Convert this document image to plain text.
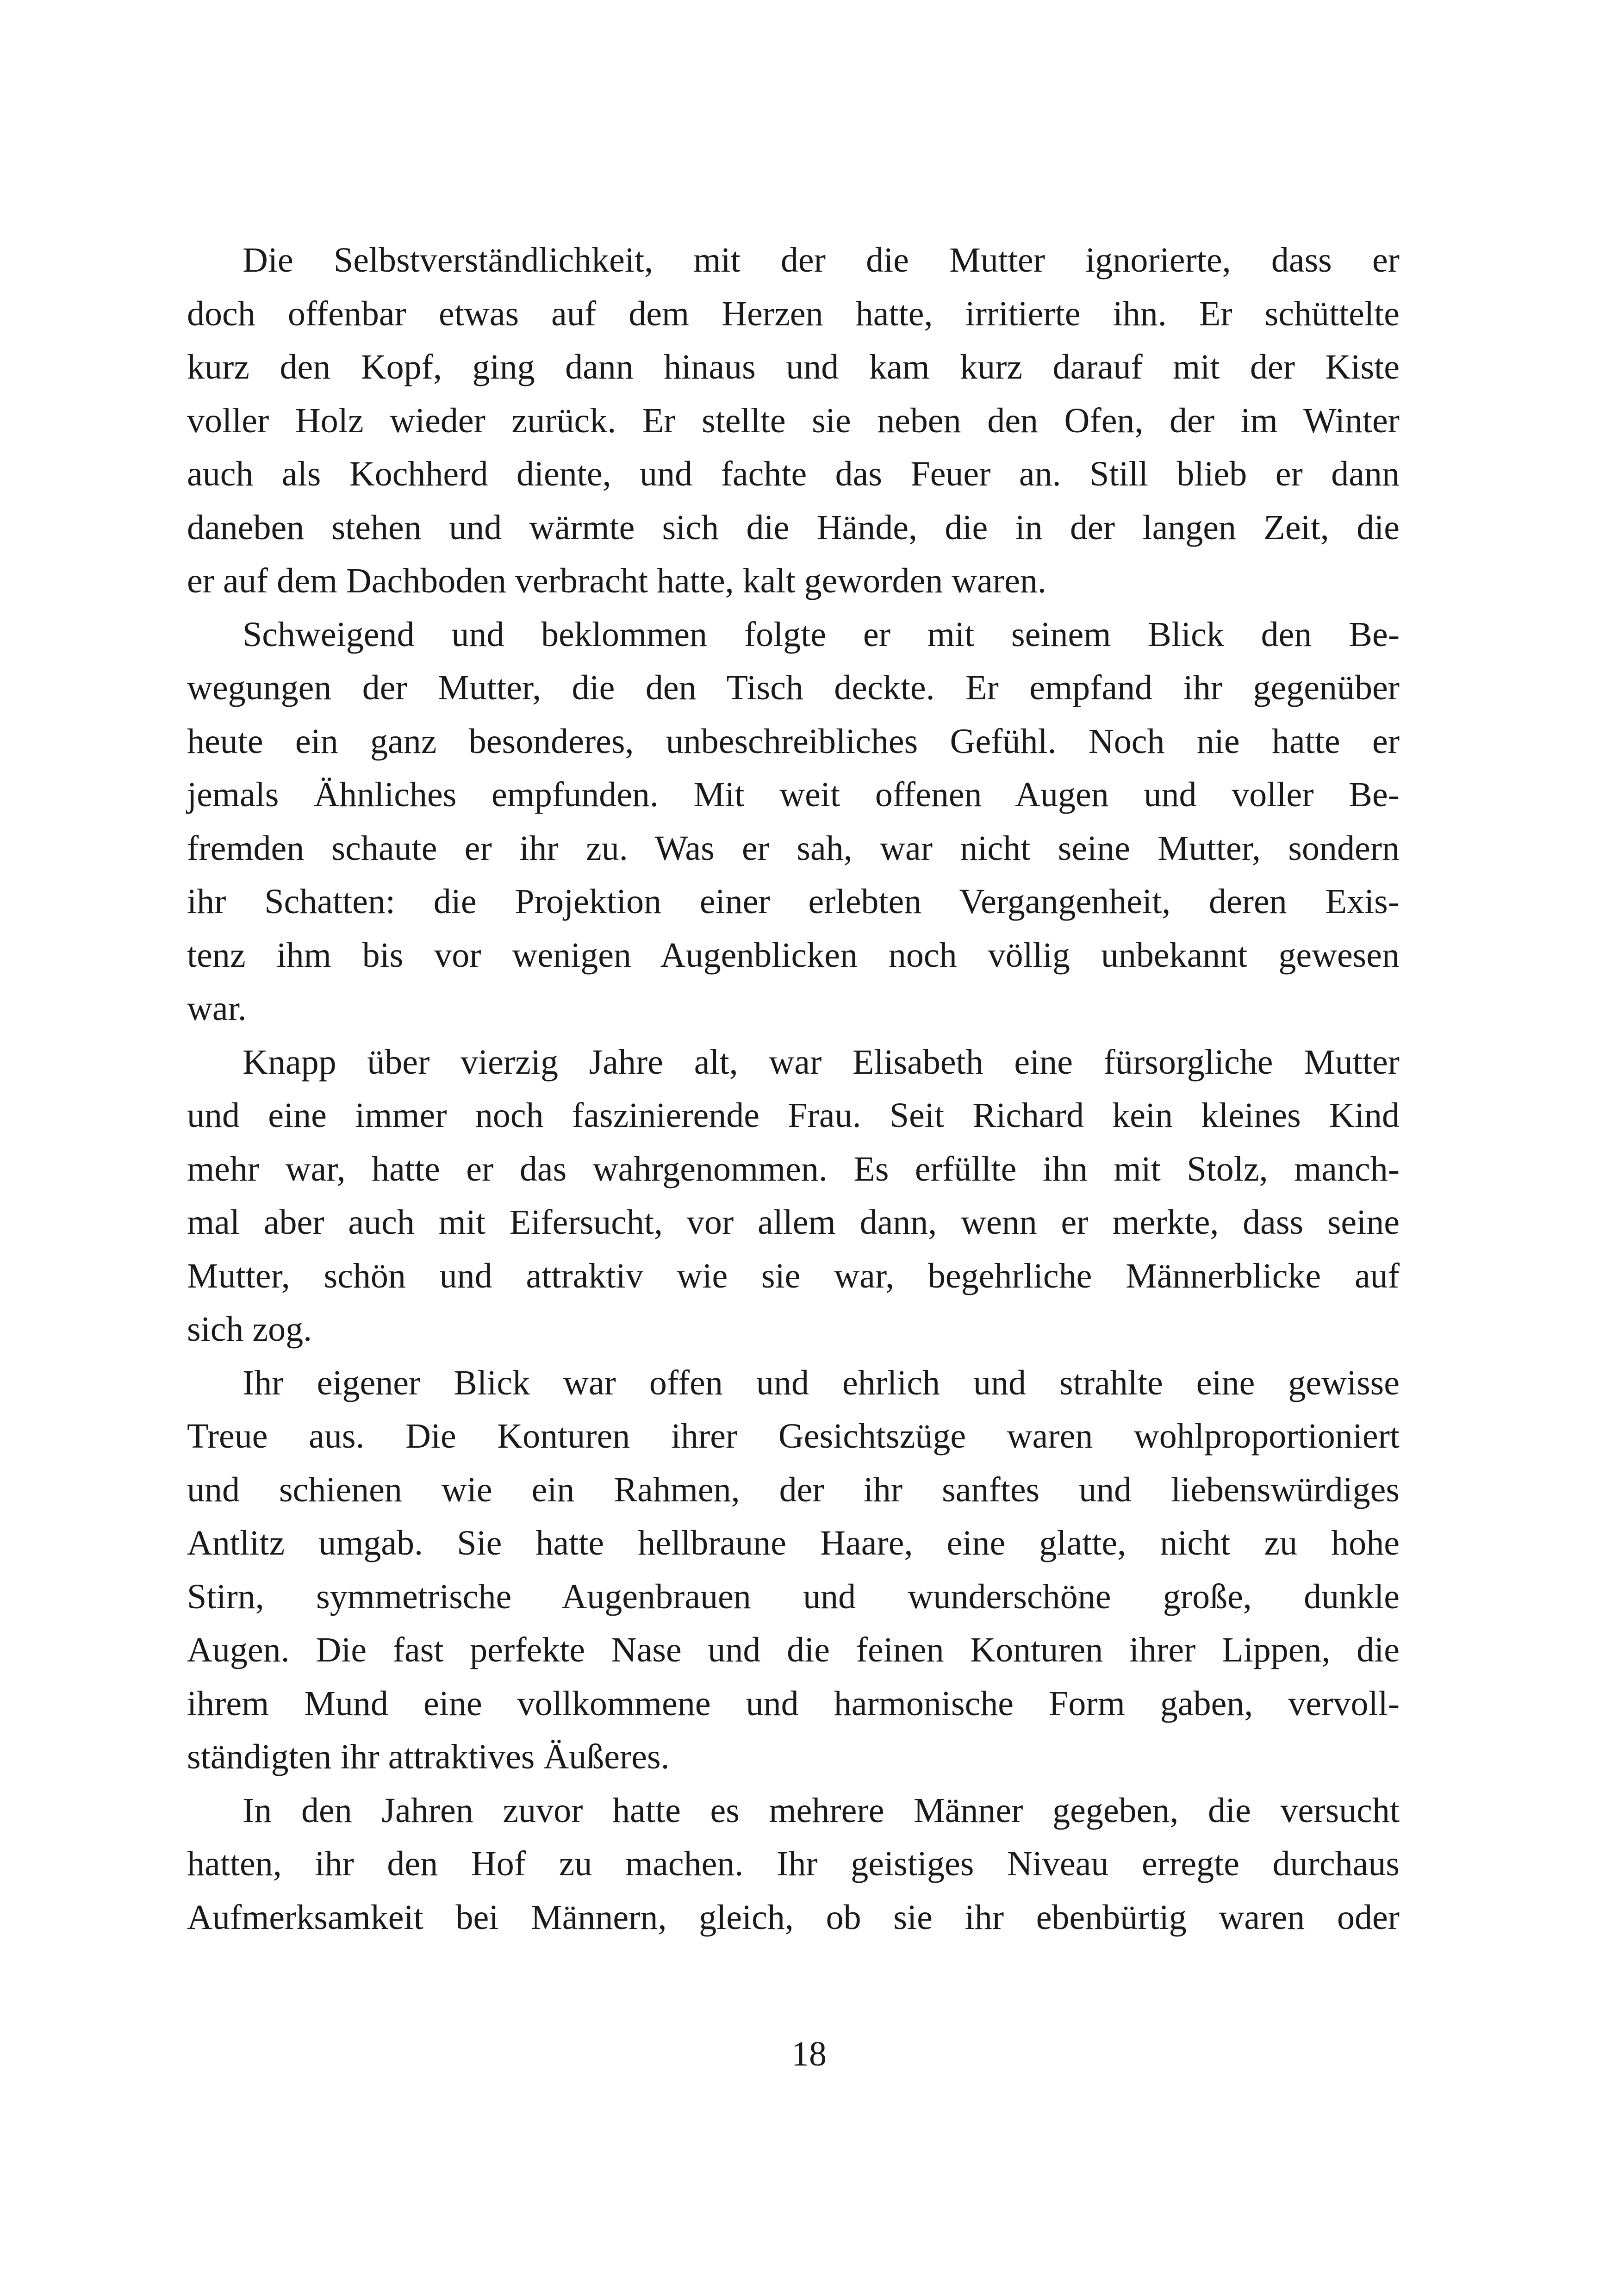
Die Selbstverständlichkeit, mit der die Mutter ignorierte, dass er
doch offenbar etwas auf dem Herzen hatte, irritierte ihn. Er schüttelte
kurz den Kopf, ging dann hinaus und kam kurz darauf mit der Kiste
voller Holz wieder zurück. Er stellte sie neben den Ofen, der im Winter
auch als Kochherd diente, und fachte das Feuer an. Still blieb er dann
daneben stehen und wärmte sich die Hände, die in der langen Zeit, die
er auf dem Dachboden verbracht hatte, kalt geworden waren.

Schweigend und beklommen folgte er mit seinem Blick den Be-
wegungen der Mutter, die den Tisch deckte. Er empfand ihr gegenüber
heute ein ganz besonderes, unbeschreibliches Gefühl. Noch nie hatte er
jemals Ähnliches empfunden. Mit weit offenen Augen und voller Be-
fremden schaute er ihr zu. Was er sah, war nicht seine Mutter, sondern
ihr Schatten: die Projektion einer erlebten Vergangenheit, deren Exis-
tenz ihm bis vor wenigen Augenblicken noch völlig unbekannt gewesen
war.

Knapp über vierzig Jahre alt, war Elisabeth eine fürsorgliche Mutter
und eine immer noch faszinierende Frau. Seit Richard kein kleines Kind
mehr war, hatte er das wahrgenommen. Es erfüllte ihn mit Stolz, manch-
mal aber auch mit Eifersucht, vor allem dann, wenn er merkte, dass seine
Mutter, schön und attraktiv wie sie war, begehrliche Männerblicke auf
sich zog.

Ihr eigener Blick war offen und ehrlich und strahlte eine gewisse
Treue aus. Die Konturen ihrer Gesichtszüge waren wohlproportioniert
und schienen wie ein Rahmen, der ihr sanftes und liebenswürdiges
Antlitz umgab. Sie hatte hellbraune Haare, eine glatte, nicht zu hohe
Stirn, symmetrische Augenbrauen und wunderschöne große, dunkle
Augen. Die fast perfekte Nase und die feinen Konturen ihrer Lippen, die
ihrem Mund eine vollkommene und harmonische Form gaben, vervoll-
ständigten ihr attraktives Äußeres.

In den Jahren zuvor hatte es mehrere Männer gegeben, die versucht
hatten, ihr den Hof zu machen. Ihr geistiges Niveau erregte durchaus
Aufmerksamkeit bei Männern, gleich, ob sie ihr ebenbürtig waren oder

18
